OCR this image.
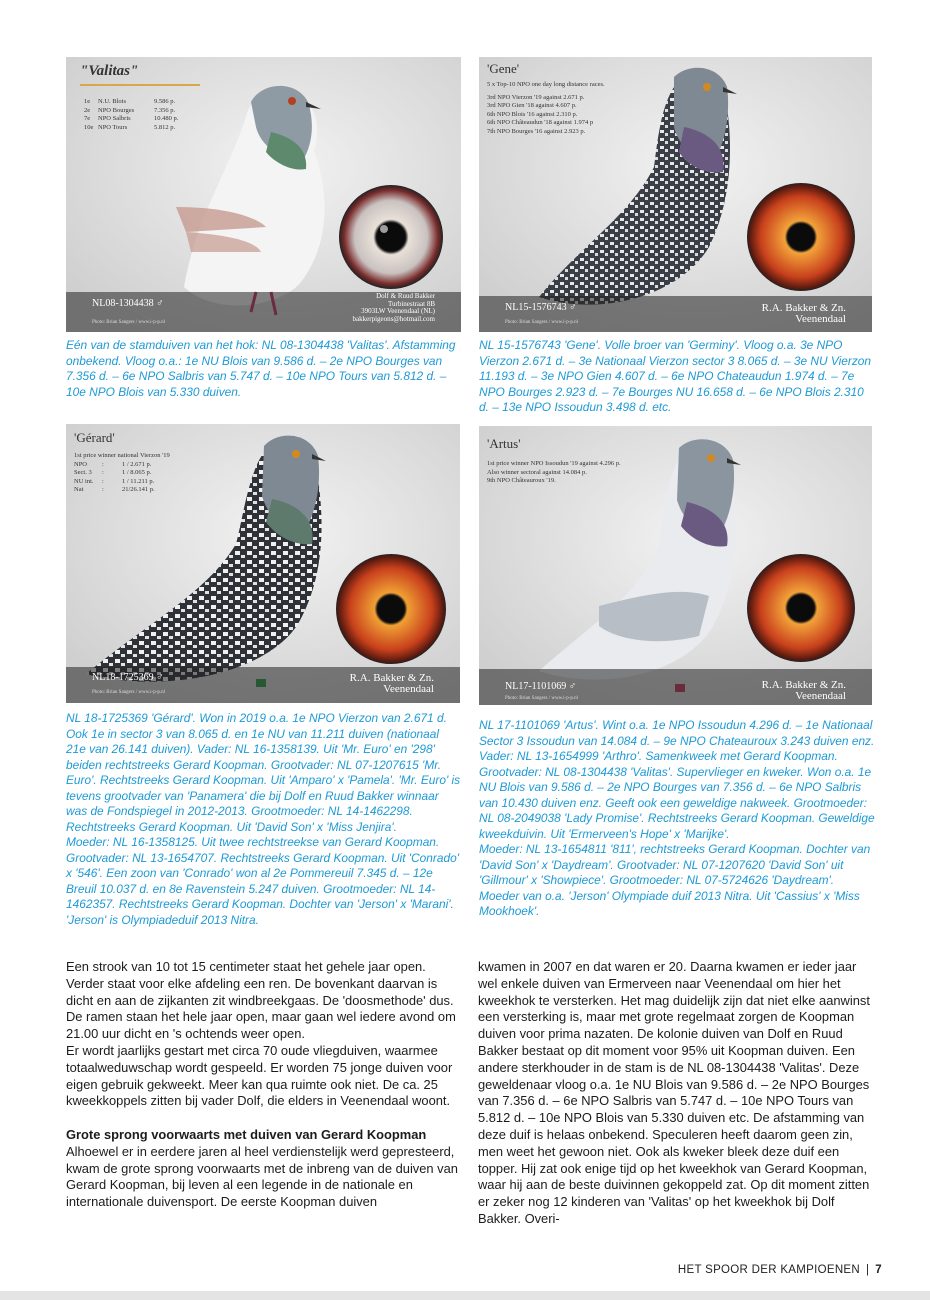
"Valitas"
1e	N.U. Blois	9.586 p.
2e	NPO Bourges	7.356 p.
7e	NPO Salbris	10.480 p.
10e NPO Tours	5.812 p.
NL08-1304438 ♂
Photo: Brian Sangers / www.i-p-p.nl
Dolf & Ruud Bakker
Turbinestraat 8B
3903LW Veenendaal (NL)
bakkerpigeons@hotmail.com
'Gene'
5 x Top-10 NPO one day long distance races.
3rd NPO Vierzon '19 against 2.671 p.
3rd NPO Gien '18 against 4.607 p.
6th NPO Blois '16 against 2.310 p.
6th NPO Châteaudun '18 against 1.974 p
7th NPO Bourges '16 against 2.923 p.
NL15-1576743 ♂
Photo: Brian Sangers / www.i-p-p.nl
R.A. Bakker & Zn.
Veenendaal
Eén van de stamduiven van het hok: NL 08-1304438 'Valitas'. Afstamming onbekend. Vloog o.a.: 1e NU Blois van 9.586 d. – 2e NPO Bourges van 7.356 d. – 6e NPO Salbris van 5.747 d. – 10e NPO Tours van 5.812 d. – 10e NPO Blois van 5.330 duiven.
NL 15-1576743 'Gene'. Volle broer van 'Germiny'. Vloog o.a. 3e NPO Vierzon 2.671 d. – 3e Nationaal Vierzon sector 3 8.065 d. – 3e NU Vierzon 11.193 d. – 3e NPO Gien 4.607 d. – 6e NPO Chateaudun 1.974 d. – 7e NPO Bourges 2.923 d. – 7e Bourges NU 16.658 d. – 6e NPO Blois 2.310 d. – 13e NPO Issoudun 3.498 d. etc.
'Gérard'
1st price winner national Vierzon '19
NPO	:	1 / 2.671 p.
Sect. 3	:	1 / 8.065 p.
NU int.	:	1 / 11.211 p.
Nat	:	21/26.141 p.
NL18-1725369 ♂
Photo: Brian Sangers / www.i-p-p.nl
R.A. Bakker & Zn.
Veenendaal
'Artus'
1st price winner NPO Issoudun '19 against 4.296 p.
Also winner sectoral against 14.084 p.
9th NPO Châteauroux '19.
NL17-1101069 ♂
Photo: Brian Sangers / www.i-p-p.nl
R.A. Bakker & Zn.
Veenendaal
NL 18-1725369 'Gérard'. Won in 2019 o.a. 1e NPO Vierzon van 2.671 d. Ook 1e in sector 3 van 8.065 d. en 1e NU van 11.211 duiven (nationaal 21e van 26.141 duiven). Vader: NL 16-1358139. Uit 'Mr. Euro' en '298' beiden rechtstreeks Gerard Koopman. Grootvader: NL 07-1207615 'Mr. Euro'. Rechtstreeks Gerard Koopman. Uit 'Amparo' x 'Pamela'. 'Mr. Euro' is tevens grootvader van 'Panamera' die bij Dolf en Ruud Bakker winnaar was de Fondspiegel in 2012-2013. Grootmoeder: NL 14-1462298. Rechtstreeks Gerard Koopman. Uit 'David Son' x 'Miss Jenjira'.
Moeder: NL 16-1358125. Uit twee rechtstreekse van Gerard Koopman. Grootvader: NL 13-1654707. Rechtstreeks Gerard Koopman. Uit 'Conrado' x '546'. Een zoon van 'Conrado' won al 2e Pommereuil 7.345 d. – 12e Breuil 10.037 d. en 8e Ravenstein 5.247 duiven. Grootmoeder: NL 14-1462357. Rechtstreeks Gerard Koopman. Dochter van 'Jerson' x 'Marani'. 'Jerson' is Olympiadeduif 2013 Nitra.
NL 17-1101069 'Artus'. Wint o.a. 1e NPO Issoudun 4.296 d. – 1e Nationaal Sector 3 Issoudun van 14.084 d. – 9e NPO Chateauroux 3.243 duiven enz. Vader: NL 13-1654999 'Arthro'. Samenkweek met Gerard Koopman. Grootvader: NL 08-1304438 'Valitas'. Supervlieger en kweker. Won o.a. 1e NU Blois van 9.586 d. – 2e NPO Bourges van 7.356 d. – 6e NPO Salbris van 10.430 duiven enz. Geeft ook een geweldige nakweek. Grootmoeder: NL 08-2049038 'Lady Promise'. Rechtstreeks Gerard Koopman. Geweldige kweekduivin. Uit 'Ermerveen's Hope' x 'Marijke'.
Moeder: NL 13-1654811 '811', rechtstreeks Gerard Koopman. Dochter van 'David Son' x 'Daydream'. Grootvader: NL 07-1207620 'David Son' uit 'Gillmour' x 'Showpiece'. Grootmoeder: NL 07-5724626 'Daydream'. Moeder van o.a. 'Jerson' Olympiade duif 2013 Nitra. Uit 'Cassius' x 'Miss Mookhoek'.

Een strook van 10 tot 15 centimeter staat het gehele jaar open. Verder staat voor elke afdeling een ren. De bovenkant daarvan is dicht en aan de zijkanten zit windbreekgaas. De 'doosmethode' dus. De ramen staan het hele jaar open, maar gaan wel iedere avond om 21.00 uur dicht en 's ochtends weer open.

Er wordt jaarlijks gestart met circa 70 oude vliegduiven, waarmee totaalweduwschap wordt gespeeld. Er worden 75 jonge duiven voor eigen gebruik gekweekt. Meer kan qua ruimte ook niet. De ca. 25 kweekkoppels zitten bij vader Dolf, die elders in Veenendaal woont.

Grote sprong voorwaarts met duiven van Gerard Koopman

Alhoewel er in eerdere jaren al heel verdienstelijk werd gepresteerd, kwam de grote sprong voorwaarts met de inbreng van de duiven van Gerard Koopman, bij leven al een legende in de nationale en internationale duivensport. De eerste Koopman duiven

kwamen in 2007 en dat waren er 20. Daarna kwamen er ieder jaar wel enkele duiven van Ermerveen naar Veenendaal om hier het kweekhok te versterken. Het mag duidelijk zijn dat niet elke aanwinst een versterking is, maar met grote regelmaat zorgen de Koopman duiven voor prima nazaten. De kolonie duiven van Dolf en Ruud Bakker bestaat op dit moment voor 95% uit Koopman duiven. Een andere sterkhouder in de stam is de NL 08-1304438 'Valitas'. Deze geweldenaar vloog o.a. 1e NU Blois van 9.586 d. – 2e NPO Bourges van 7.356 d. – 6e NPO Salbris van 5.747 d. – 10e NPO Tours van 5.812 d. – 10e NPO Blois van 5.330 duiven etc. De afstamming van deze duif is helaas onbekend. Speculeren heeft daarom geen zin, men weet het gewoon niet. Ook als kweker bleek deze duif een topper. Hij zat ook enige tijd op het kweekhok van Gerard Koopman, waar hij aan de beste duivinnen gekoppeld zat. Op dit moment zitten er zeker nog 12 kinderen van 'Valitas' op het kweekhok bij Dolf Bakker. Overi-

HET SPOOR DER KAMPIOENEN | 7
